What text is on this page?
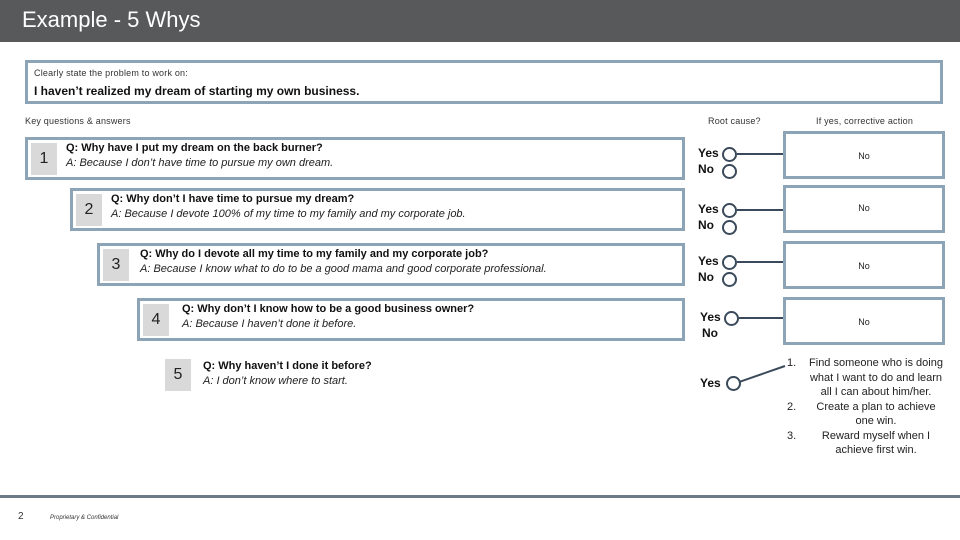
Example - 5 Whys
Clearly state the problem to work on:
I haven’t realized my dream of starting my own business.
Key questions & answers	Root cause?	If yes, corrective action
1
Q: Why have I put my dream on the back burner?
A: Because I don’t have time to pursue my own dream.
Yes
No
No
2
Q: Why don’t I have time to pursue my dream?
A: Because I devote 100% of my time to my family and my corporate job.	Yes
No
No
3
Q: Why do I devote all my time to my family and my corporate job?
A: Because I know what to do to be a good mama and good corporate professional.
Yes
No
No
4
Q: Why don’t I know how to be a good business owner?
A: Because I haven’t done it before.	Yes
No
No
5	Q: Why haven’t I done it before?
A: I don’t know where to start.	Yes
1.	Find someone who is doing what I want to do and learn all I can about him/her.
2.	Create a plan to achieve one win.
3.	Reward myself when I achieve first win.
2	Proprietary & Confidential
